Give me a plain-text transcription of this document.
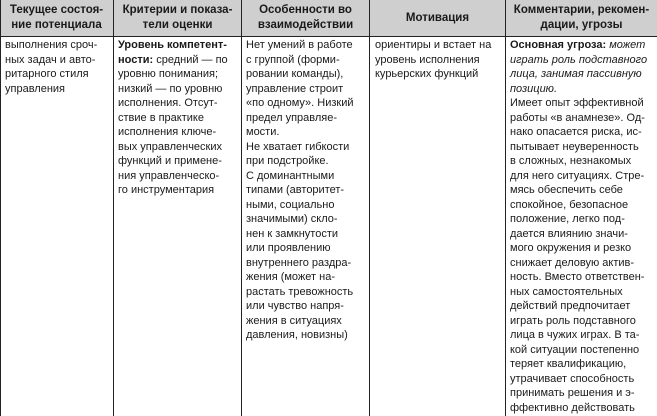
Текущее состоя-
ние потенциала
Критерии и показа-
тели оценки
Особенности во
взаимодействии
Мотивация
Комментарии, рекомен-
дации, угрозы

выполнения сроч-

ных задач и авто-

ритарного стиля

управления

Уровень компетент-

ности: средний — по

уровню понимания;

низкий — по уровню

исполнения. Отсут-

ствие в практике

исполнения ключе-

вых управленческих

функций и примене-

ния управленческо-

го инструментария

Нет умений в работе

с группой (форми-

ровании команды),

управление строит

«по одному». Низкий

предел управляе-

мости.

Не хватает гибкости

при подстройке.

С доминантными

типами (авторитет-

ными, социально

значимыми) скло-

нен к замкнутости

или проявлению

внутреннего раздра-

жения (может на-

растать тревожность

или чувство напря-

жения в ситуациях

давления, новизны)

ориентиры и встает на

уровень исполнения

курьерских функций

Основная угроза: может

играть роль подставного

лица, занимая пассивную

позицию.

Имеет опыт эффективной

работы «в анамнезе». Од-

нако опасается риска, ис-

пытывает неуверенность

в сложных, незнакомых

для него ситуациях. Стре-

мясь обеспечить себе

спокойное, безопасное

положение, легко под-

дается влиянию значи-

мого окружения и резко

снижает деловую актив-

ность. Вместо ответствен-

ных самостоятельных

действий предпочитает

играть роль подставного

лица в чужих играх. В та-

кой ситуации постепенно

теряет квалификацию,

утрачивает способность

принимать решения и э-

ффективно действовать
